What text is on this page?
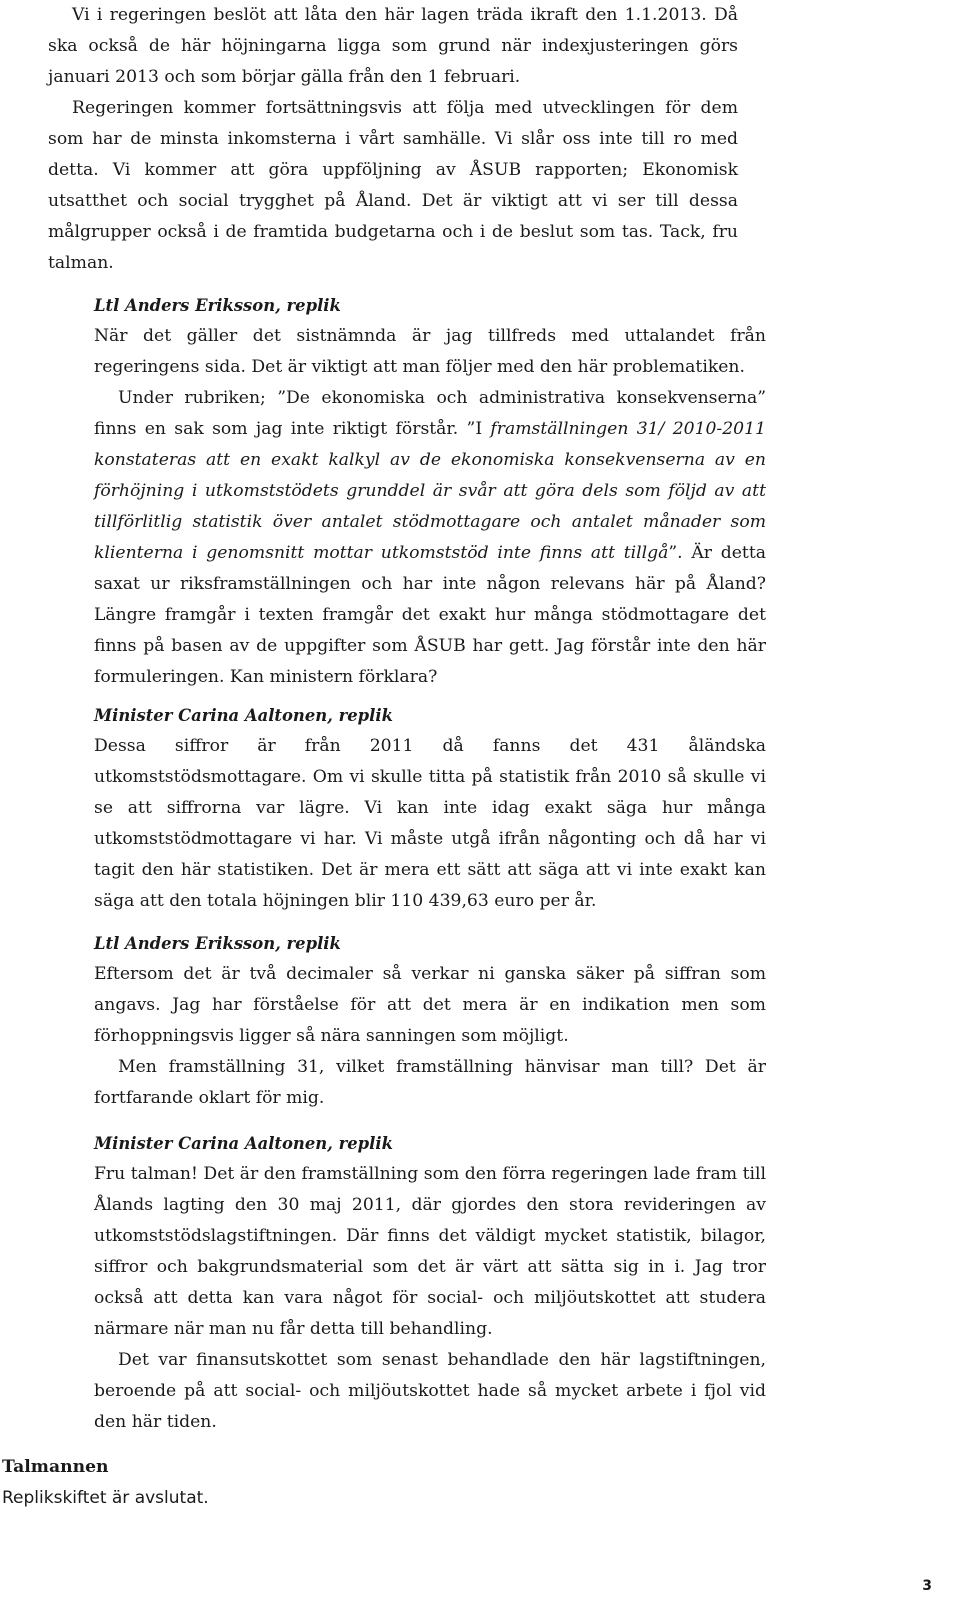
Vi i regeringen beslöt att låta den här lagen träda ikraft den 1.1.2013. Då ska också de här höjningarna ligga som grund när indexjusteringen görs januari 2013 och som börjar gälla från den 1 februari.

Regeringen kommer fortsättningsvis att följa med utvecklingen för dem som har de minsta inkomsterna i vårt samhälle. Vi slår oss inte till ro med detta. Vi kommer att göra uppföljning av ÅSUB rapporten; Ekonomisk utsatthet och social trygghet på Åland. Det är viktigt att vi ser till dessa målgrupper också i de framtida budgetarna och i de beslut som tas. Tack, fru talman.

Ltl Anders Eriksson, replik

När det gäller det sistnämnda är jag tillfreds med uttalandet från regeringens sida. Det är viktigt att man följer med den här problematiken.

Under rubriken; ”De ekonomiska och administrativa konsekvenserna” finns en sak som jag inte riktigt förstår. ”I framställningen 31/ 2010-2011 konstateras att en exakt kalkyl av de ekonomiska konsekvenserna av en förhöjning i utkomststödets grunddel är svår att göra dels som följd av att tillförlitlig statistik över antalet stödmottagare och antalet månader som klienterna i genomsnitt mottar utkomststöd inte finns att tillgå”. Är detta saxat ur riksframställningen och har inte någon relevans här på Åland? Längre framgår i texten framgår det exakt hur många stödmottagare det finns på basen av de uppgifter som ÅSUB har gett. Jag förstår inte den här formuleringen. Kan ministern förklara?

Minister Carina Aaltonen, replik

Dessa siffror är från 2011 då fanns det 431 åländska utkomststödsmottagare. Om vi skulle titta på statistik från 2010 så skulle vi se att siffrorna var lägre. Vi kan inte idag exakt säga hur många utkomststödmottagare vi har. Vi måste utgå ifrån någonting och då har vi tagit den här statistiken. Det är mera ett sätt att säga att vi inte exakt kan säga att den totala höjningen blir 110 439,63 euro per år.

Ltl Anders Eriksson, replik

Eftersom det är två decimaler så verkar ni ganska säker på siffran som angavs. Jag har förståelse för att det mera är en indikation men som förhoppningsvis ligger så nära sanningen som möjligt.

Men framställning 31, vilket framställning hänvisar man till? Det är fortfarande oklart för mig.

Minister Carina Aaltonen, replik

Fru talman! Det är den framställning som den förra regeringen lade fram till Ålands lagting den 30 maj 2011, där gjordes den stora revideringen av utkomststödslagstiftningen. Där finns det väldigt mycket statistik, bilagor, siffror och bakgrundsmaterial som det är värt att sätta sig in i. Jag tror också att detta kan vara något för social- och miljöutskottet att studera närmare när man nu får detta till behandling.

Det var finansutskottet som senast behandlade den här lagstiftningen, beroende på att social- och miljöutskottet hade så mycket arbete i fjol vid den här tiden.

Talmannen

Replikskiftet är avslutat.

3
